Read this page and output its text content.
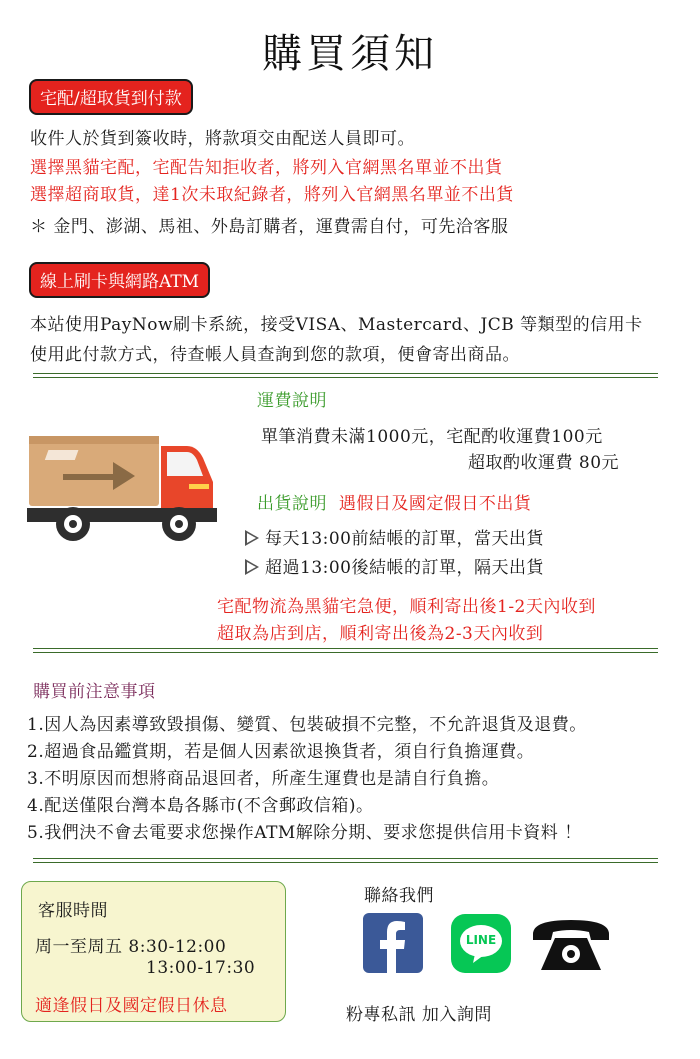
購買須知
宅配/超取貨到付款
收件人於貨到簽收時，將款項交由配送人員即可。
選擇黑貓宅配，宅配告知拒收者，將列入官網黑名單並不出貨
選擇超商取貨，達1次未取紀錄者，將列入官網黑名單並不出貨
＊ 金門、澎湖、馬祖、外島訂購者，運費需自付，可先洽客服
線上刷卡與網路ATM
本站使用PayNow刷卡系統，接受VISA、Mastercard、JCB 等類型的信用卡
使用此付款方式，待查帳人員查詢到您的款項，便會寄出商品。
運費說明
單筆消費未滿1000元，宅配酌收運費100元
超取酌收運費 80元
出貨說明 遇假日及國定假日不出貨
每天13:00前結帳的訂單，當天出貨
超過13:00後結帳的訂單，隔天出貨
宅配物流為黑貓宅急便，順利寄出後1-2天內收到
超取為店到店，順利寄出後為2-3天內收到
購買前注意事項
1.因人為因素導致毀損傷、變質、包裝破損不完整，不允許退貨及退費。
2.超過食品鑑賞期，若是個人因素欲退換貨者，須自行負擔運費。
3.不明原因而想將商品退回者，所產生運費也是請自行負擔。
4.配送僅限台灣本島各縣市(不含郵政信箱)。
5.我們決不會去電要求您操作ATM解除分期、要求您提供信用卡資料 ！
客服時間
周一至周五 8:30-12:00
13:00-17:30
適逢假日及國定假日休息
聯絡我們
LINE
粉專私訊 加入詢問
